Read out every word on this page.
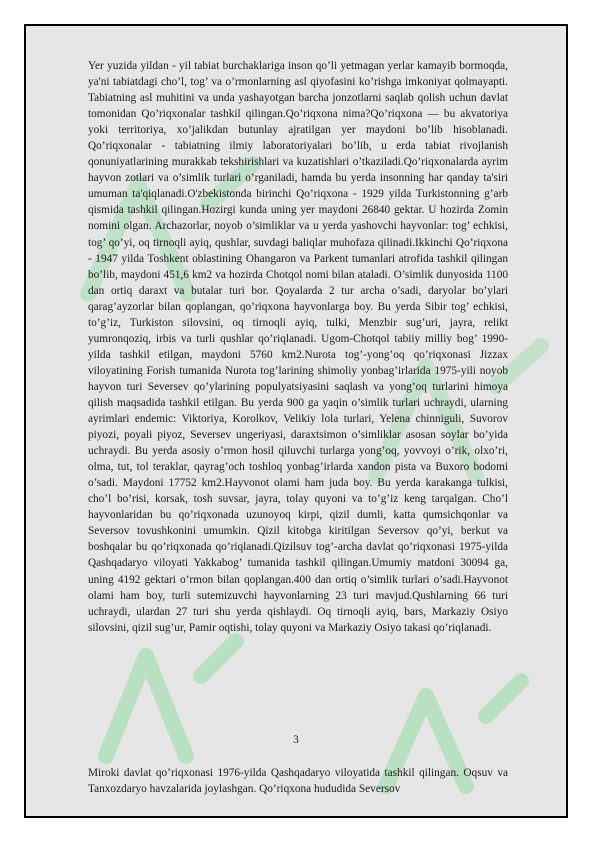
Yer yuzida yildan - yil tabiat burchaklariga inson qo’li yetmagan yerlar kamayib bormoqda, ya'ni tabiatdagi cho’l, tog’ va o’rmonlarning asl qiyofasini ko’rishga imkoniyat qolmayapti. Tabiatning asl muhitini va unda yashayotgan barcha jonzotlarni saqlab qolish uchun davlat tomonidan Qo’riqxonalar tashkil qilingan.Qo’riqxona nima?Qo’riqxona — bu akvatoriya yoki territoriya, xo’jalikdan butunlay ajratilgan yer maydoni bo’lib hisoblanadi. Qo’riqxonalar - tabiatning ilmiy laboratoriyalari bo’lib, u erda tabiat rivojlanish qonuniyatlarining murakkab tekshirishlari va kuzatishlari o’tkaziladi.Qo’riqxonalarda ayrim hayvon zotlari va o’simlik turlari o’rganiladi, hamda bu yerda insonning har qanday ta'siri umuman ta'qiqlanadi.O'zbekistonda birinchi Qo’riqxona - 1929 yilda Turkistonning g’arb qismida tashkil qilingan.Hozirgi kunda uning yer maydoni 26840 gektar. U hozirda Zomin nomini olgan. Archazorlar, noyob o’simliklar va u yerda yashovchi hayvonlar: tog’ echkisi, tog’ qo’yi, oq tirnoqli ayiq, qushlar, suvdagi baliqlar muhofaza qilinadi.Ikkinchi Qo’riqxona - 1947 yilda Toshkent oblastining Ohangaron va Parkent tumanlari atrofida tashkil qilingan bo’lib, maydoni 451,6 km2 va hozirda Chotqol nomi bilan ataladi. O’simlik dunyosida 1100 dan ortiq daraxt va butalar turi bor. Qoyalarda 2 tur archa o’sadi, daryolar bo’ylari qarag’ayzorlar bilan qoplangan, qo’riqxona hayvonlarga boy. Bu yerda Sibir tog’ echkisi, to’g’iz, Turkiston silovsini, oq tirnoqli ayiq, tulki, Menzbir sug’uri, jayra, relikt yumronqoziq, irbis va turli qushlar qo’riqlanadi. Ugom-Chotqol tabiiy milliy bog’ 1990-yilda tashkil etilgan, maydoni 5760 km2.Nurota tog’-yong’oq qo’riqxonasi Jizzax viloyatining Forish tumanida Nurota tog’larining shimoliy yonbag’irlarida 1975-yili noyob hayvon turi Seversev qo’ylarining populyatsiyasini saqlash va yong’oq turlarini himoya qilish maqsadida tashkil etilgan. Bu yerda 900 ga yaqin o’simlik turlari uchraydi, ularning ayrimlari endemic: Viktoriya, Korolkov, Velikiy lola turlari, Yelena chinniguli, Suvorov piyozi, poyali piyoz, Seversev ungeriyasi, daraxtsimon o’simliklar asosan soylar bo’yida uchraydi. Bu yerda asosiy o’rmon hosil qiluvchi turlarga yong’oq, yovvoyi o’rik, olxo’ri, olma, tut, tol teraklar, qayrag’och toshloq yonbag’irlarda xandon pista va Buxoro bodomi o’sadi. Maydoni 17752 km2.Hayvonot olami ham juda boy. Bu yerda karakanga tulkisi, cho’l bo’risi, korsak, tosh suvsar, jayra, tolay quyoni va to’g’iz keng tarqalgan. Cho’l hayvonlaridan bu qo’riqxonada uzunoyoq kirpi, qizil dumli, katta qumsichqonlar va Seversov tovushkonini umumkin. Qizil kitobga kiritilgan Seversov qo’yi, berkut va boshqalar bu qo’riqxonada qo’riqlanadi.Qizilsuv tog’-archa davlat qo’riqxonasi 1975-yilda Qashqadaryo viloyati Yakkabog’ tumanida tashkil qilingan.Umumiy matdoni 30094 ga, uning 4192 gektari o’rmon bilan qoplangan.400 dan ortiq o’simlik turlari o’sadi.Hayvonot olami ham boy, turli sutemizuvchi hayvonlarning 23 turi mavjud.Qushlarning 66 turi uchraydi, ulardan 27 turi shu yerda qishlaydi. Oq tirnoqli ayiq, bars, Markaziy Osiyo silovsini, qizil sug’ur, Pamir oqtishi, tolay quyoni va Markaziy Osiyo takasi qo’riqlanadi.

3

Miroki davlat qo’riqxonasi 1976-yilda Qashqadaryo viloyatida tashkil qilingan. Oqsuv va Tanxozdaryo havzalarida joylashgan. Qo’riqxona hududida Seversov
